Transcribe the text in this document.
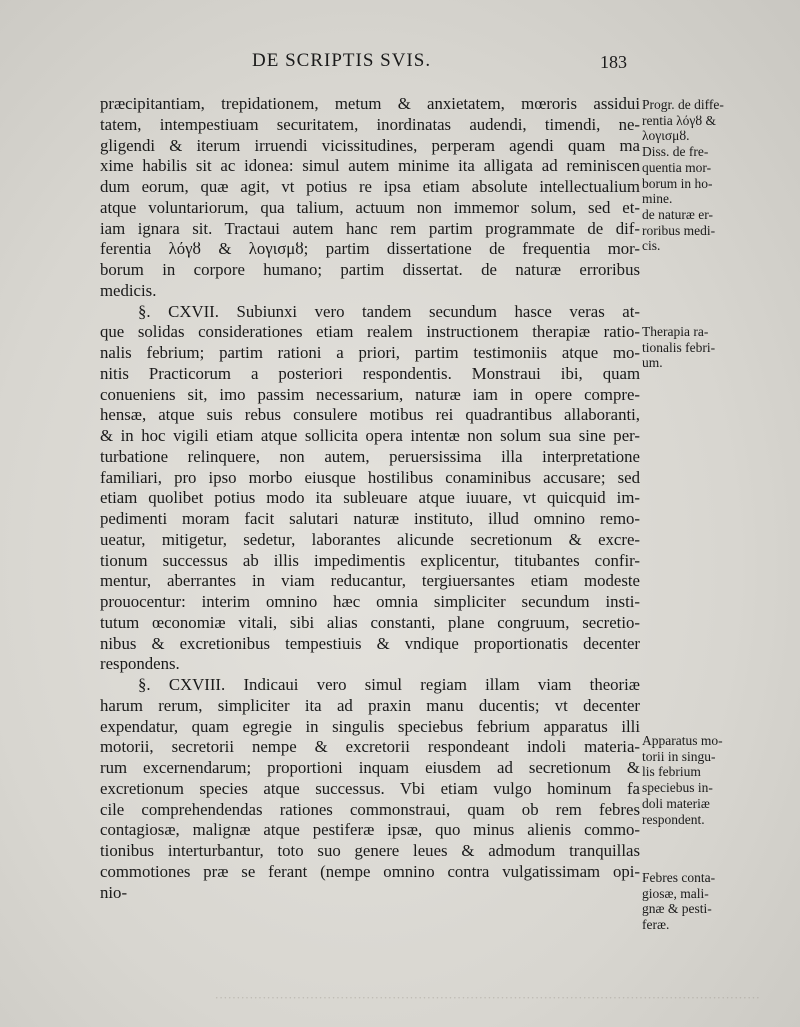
DE SCRIPTIS SVIS.	183
præcipitantiam, trepidationem, metum & anxietatem, mœroris assidui
tatem, intempestiuam securitatem, inordinatas audendi, timendi, ne-
gligendi & iterum irruendi vicissitudines, perperam agendi quam ma
xime habilis sit ac idonea: simul autem minime ita alligata ad reminiscen
dum eorum, quæ agit, vt potius re ipsa etiam absolute intellectualium
atque voluntariorum, qua talium, actuum non immemor solum, sed et-
iam ignara sit. Tractaui autem hanc rem partim programmate de dif-
ferentia λόγȣ & λογισμȣ; partim dissertatione de frequentia mor-
borum in corpore humano; partim dissertat. de naturæ erroribus
medicis.
§. CXVII. Subiunxi vero tandem secundum hasce veras at-
que solidas considerationes etiam realem instructionem therapiæ ratio-
nalis febrium; partim rationi a priori, partim testimoniis atque mo-
nitis Practicorum a posteriori respondentis. Monstraui ibi, quam
conueniens sit, imo passim necessarium, naturæ iam in opere compre-
hensæ, atque suis rebus consulere motibus rei quadrantibus allaboranti,
& in hoc vigili etiam atque sollicita opera intentæ non solum sua sine per-
turbatione relinquere, non autem, peruersissima illa interpretatione
familiari, pro ipso morbo eiusque hostilibus conaminibus accusare; sed
etiam quolibet potius modo ita subleuare atque iuuare, vt quicquid im-
pedimenti moram facit salutari naturæ instituto, illud omnino remo-
ueatur, mitigetur, sedetur, laborantes alicunde secretionum & excre-
tionum successus ab illis impedimentis explicentur, titubantes confir-
mentur, aberrantes in viam reducantur, tergiuersantes etiam modeste
prouocentur: interim omnino hæc omnia simpliciter secundum insti-
tutum œconomiæ vitali, sibi alias constanti, plane congruum, secretio-
nibus & excretionibus tempestiuis & vndique proportionatis decenter
respondens.
§. CXVIII. Indicaui vero simul regiam illam viam theoriæ
harum rerum, simpliciter ita ad praxin manu ducentis; vt decenter
expendatur, quam egregie in singulis speciebus febrium apparatus illi
motorii, secretorii nempe & excretorii respondeant indoli materia-
rum excernendarum; proportioni inquam eiusdem ad secretionum &
excretionum species atque successus. Vbi etiam vulgo hominum fa
cile comprehendendas rationes commonstraui, quam ob rem febres
contagiosæ, malignæ atque pestiferæ ipsæ, quo minus alienis commo-
tionibus interturbantur, toto suo genere leues & admodum tranquillas
commotiones præ se ferant (nempe omnino contra vulgatissimam opi-
nio-
Progr. de diffe-
rentia λόγȣ &
λογισμȣ.
Diss. de fre-
quentia mor-
borum in ho-
mine.
de naturæ er-
roribus medi-
cis.
Therapia ra-
tionalis febri-
um.
Apparatus mo-
torii in singu-
lis febrium
speciebus in-
doli materiæ
respondent.
Febres conta-
giosæ, mali-
gnæ & pesti-
feræ.
······························································································································
